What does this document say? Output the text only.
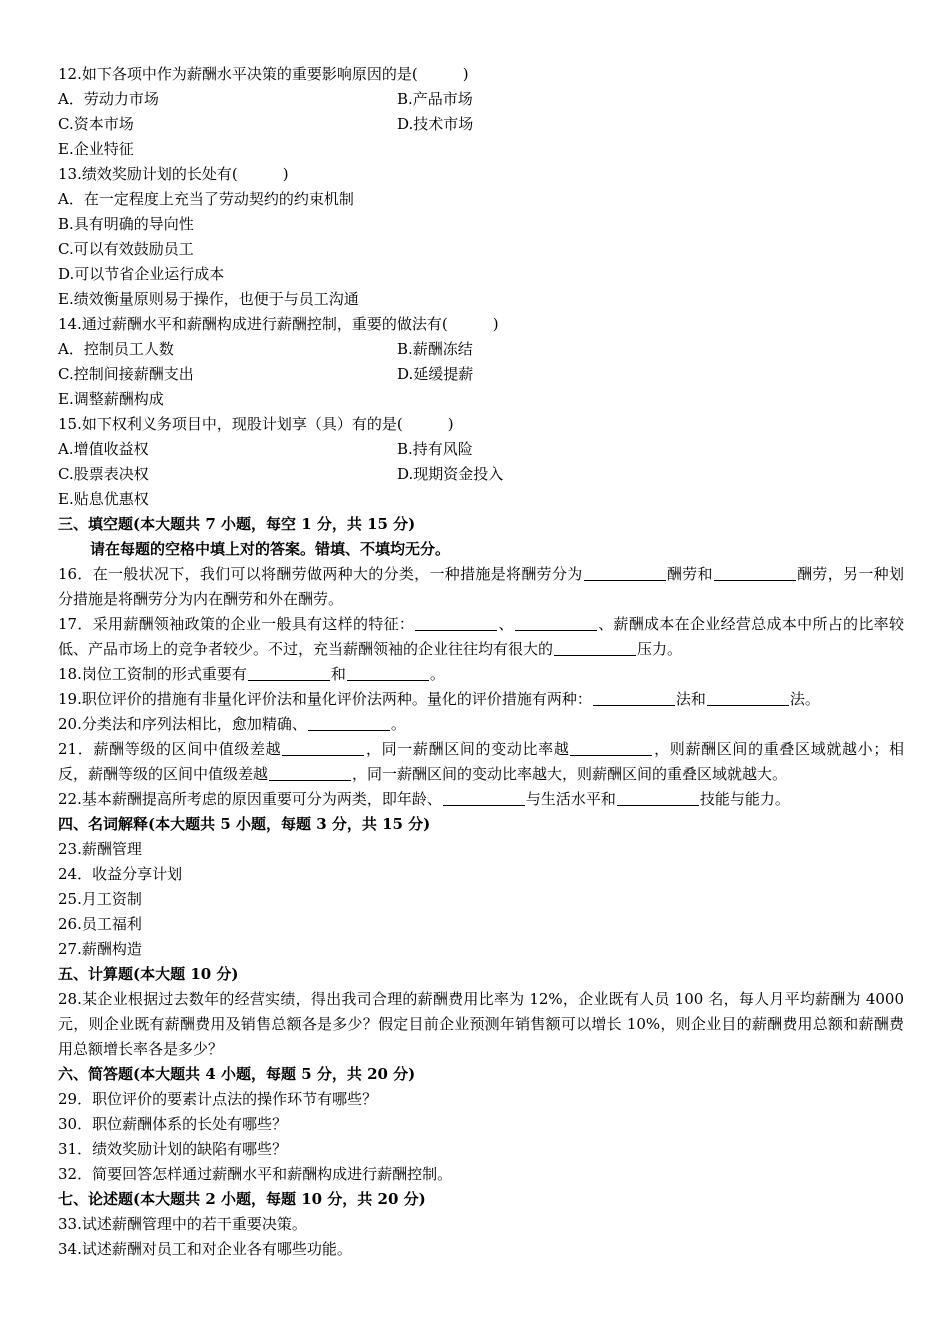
12.如下各项中作为薪酬水平决策的重要影响原因的是(　　　)
A．劳动力市场	B.产品市场
C.资本市场	D.技术市场
E.企业特征
13.绩效奖励计划的长处有(　　　)
A．在一定程度上充当了劳动契约的约束机制
B.具有明确的导向性
C.可以有效鼓励员工
D.可以节省企业运行成本
E.绩效衡量原则易于操作，也便于与员工沟通
14.通过薪酬水平和薪酬构成进行薪酬控制，重要的做法有(　　　)
A．控制员工人数	B.薪酬冻结
C.控制间接薪酬支出	D.延缓提薪
E.调整薪酬构成
15.如下权利义务项目中，现股计划享（具）有的是(　　　)
A.增值收益权	B.持有风险
C.股票表决权	D.现期资金投入
E.贴息优惠权
三、填空题(本大题共 7 小题，每空 1 分，共 15 分)
请在每题的空格中填上对的答案。错填、不填均无分。
16．在一般状况下，我们可以将酬劳做两种大的分类，一种措施是将酬劳分为	酬劳和	酬劳，另一种划分措施是将酬劳分为内在酬劳和外在酬劳。
17．采用薪酬领袖政策的企业一般具有这样的特征：	、	、薪酬成本在企业经营总成本中所占的比率较低、产品市场上的竞争者较少。不过，充当薪酬领袖的企业往往均有很大的	压力。
18.岗位工资制的形式重要有	和	。
19.职位评价的措施有非量化评价法和量化评价法两种。量化的评价措施有两种：	法和	法。
20.分类法和序列法相比，愈加精确、	。
21．薪酬等级的区间中值级差越	，同一薪酬区间的变动比率越	，则薪酬区间的重叠区域就越小；相反，薪酬等级的区间中值级差越	，同一薪酬区间的变动比率越大，则薪酬区间的重叠区域就越大。
22.基本薪酬提高所考虑的原因重要可分为两类，即年龄、	与生活水平和	技能与能力。
四、名词解释(本大题共 5 小题，每题 3 分，共 15 分)
23.薪酬管理
24．收益分享计划
25.月工资制
26.员工福利
27.薪酬构造
五、计算题(本大题 10 分)
28.某企业根据过去数年的经营实绩，得出我司合理的薪酬费用比率为 12%，企业既有人员 100 名，每人月平均薪酬为 4000 元，则企业既有薪酬费用及销售总额各是多少？假定目前企业预测年销售额可以增长 10%，则企业目的薪酬费用总额和薪酬费用总额增长率各是多少？
六、简答题(本大题共 4 小题，每题 5 分，共 20 分)
29．职位评价的要素计点法的操作环节有哪些？
30．职位薪酬体系的长处有哪些？
31．绩效奖励计划的缺陷有哪些？
32．简要回答怎样通过薪酬水平和薪酬构成进行薪酬控制。
七、论述题(本大题共 2 小题，每题 10 分，共 20 分)
33.试述薪酬管理中的若干重要决策。
34.试述薪酬对员工和对企业各有哪些功能。
